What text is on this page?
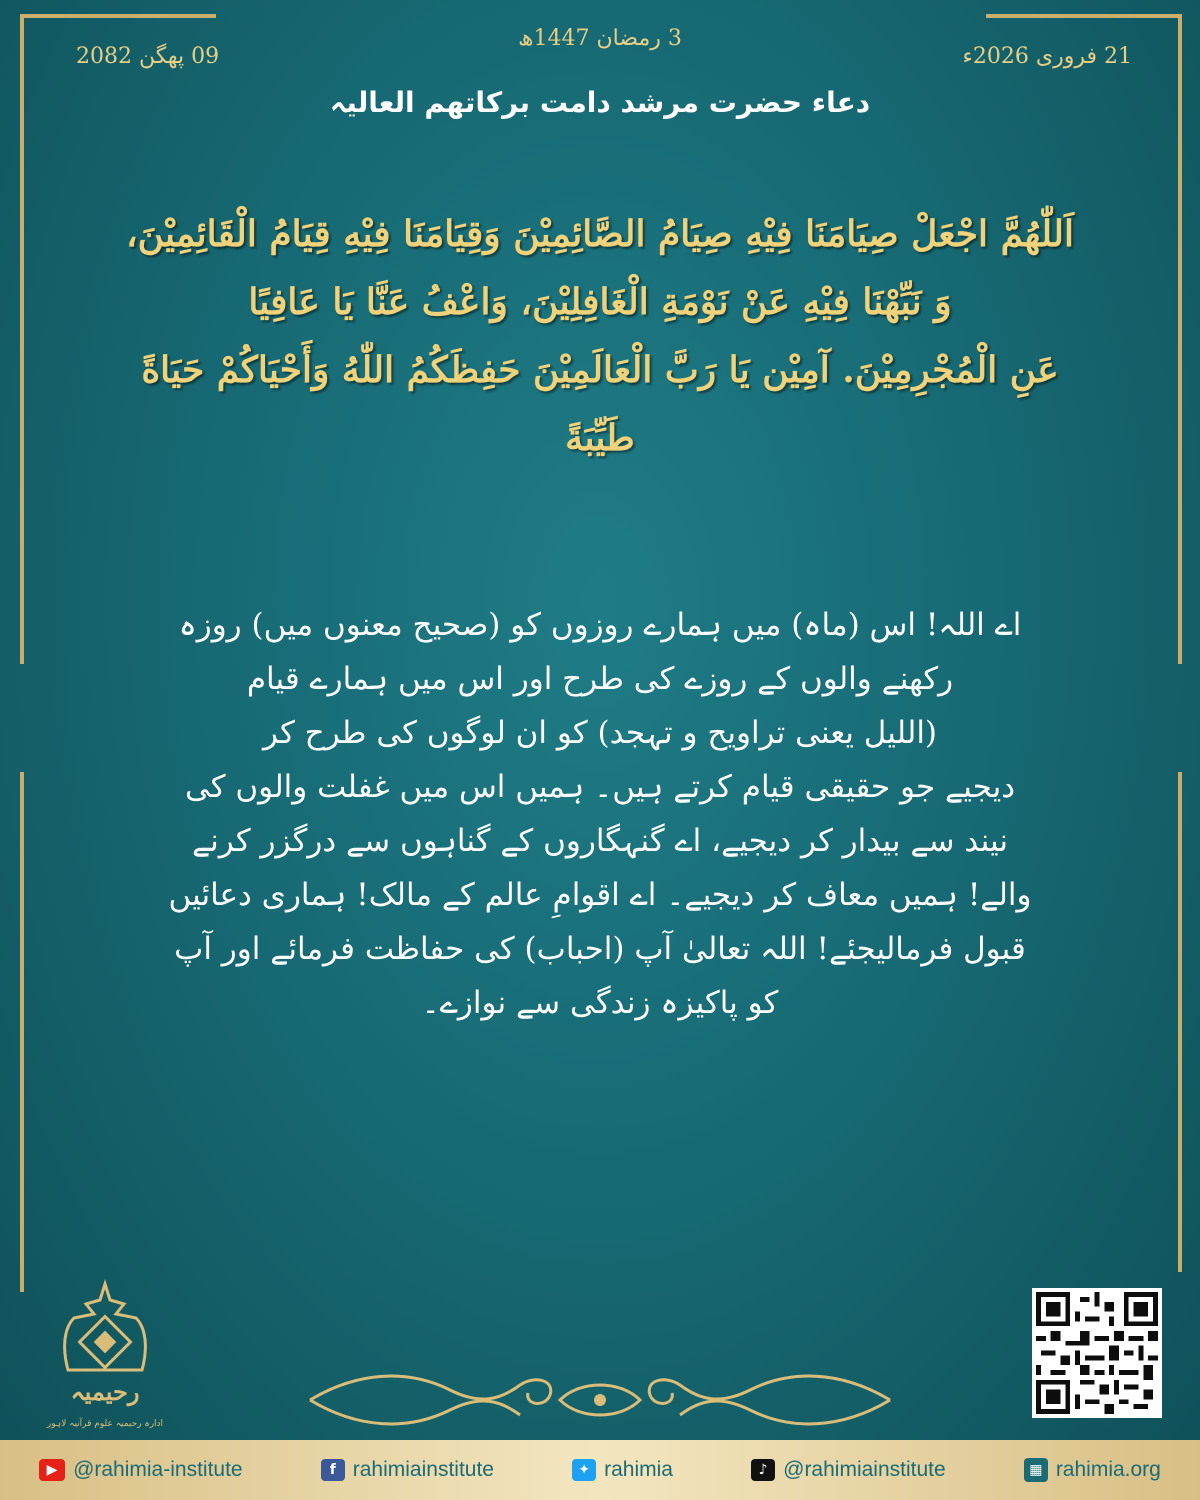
21 فروری 2026ء
09 پھگن 2082
3 رمضان 1447ھ
دعاء حضرت مرشد دامت برکاتھم العالیہ
اَللّٰهُمَّ اجْعَلْ صِيَامَنَا فِيْهِ صِيَامُ الصَّائِمِيْنَ وَقِيَامَنَا فِيْهِ قِيَامُ الْقَائِمِيْنَ،
وَ نَبِّهْنَا فِيْهِ عَنْ نَوْمَةِ الْغَافِلِيْنَ، وَاعْفُ عَنَّا يَا عَافِيًا
عَنِ الْمُجْرِمِيْنَ. آمِيْن يَا رَبَّ الْعَالَمِيْنَ حَفِظَكُمُ اللّٰهُ وَأَحْيَاكُمْ حَيَاةً
طَيِّبَةً
اے اللہ! اس (ماہ) میں ہمارے روزوں کو (صحیح معنوں میں) روزہ
رکھنے والوں کے روزے کی طرح اور اس میں ہمارے قیام
(اللیل یعنی تراویح و تہجد) کو ان لوگوں کی طرح کر
دیجیے جو حقیقی قیام کرتے ہیں۔ ہمیں اس میں غفلت والوں کی
نیند سے بیدار کر دیجیے، اے گنہگاروں کے گناہوں سے درگزر کرنے
والے! ہمیں معاف کر دیجیے۔ اے اقوامِ عالم کے مالک! ہماری دعائیں
قبول فرمالیجئے! اللہ تعالیٰ آپ (احباب) کی حفاظت فرمائے اور آپ
کو پاکیزہ زندگی سے نوازے۔
رحیمیہ
ادارہ رحیمیہ علوم قرآنیہ لاہور
▶ @rahimia-institute	f rahimiainstitute	✦ rahimia	♪ @rahimiainstitute	▦ rahimia.org
